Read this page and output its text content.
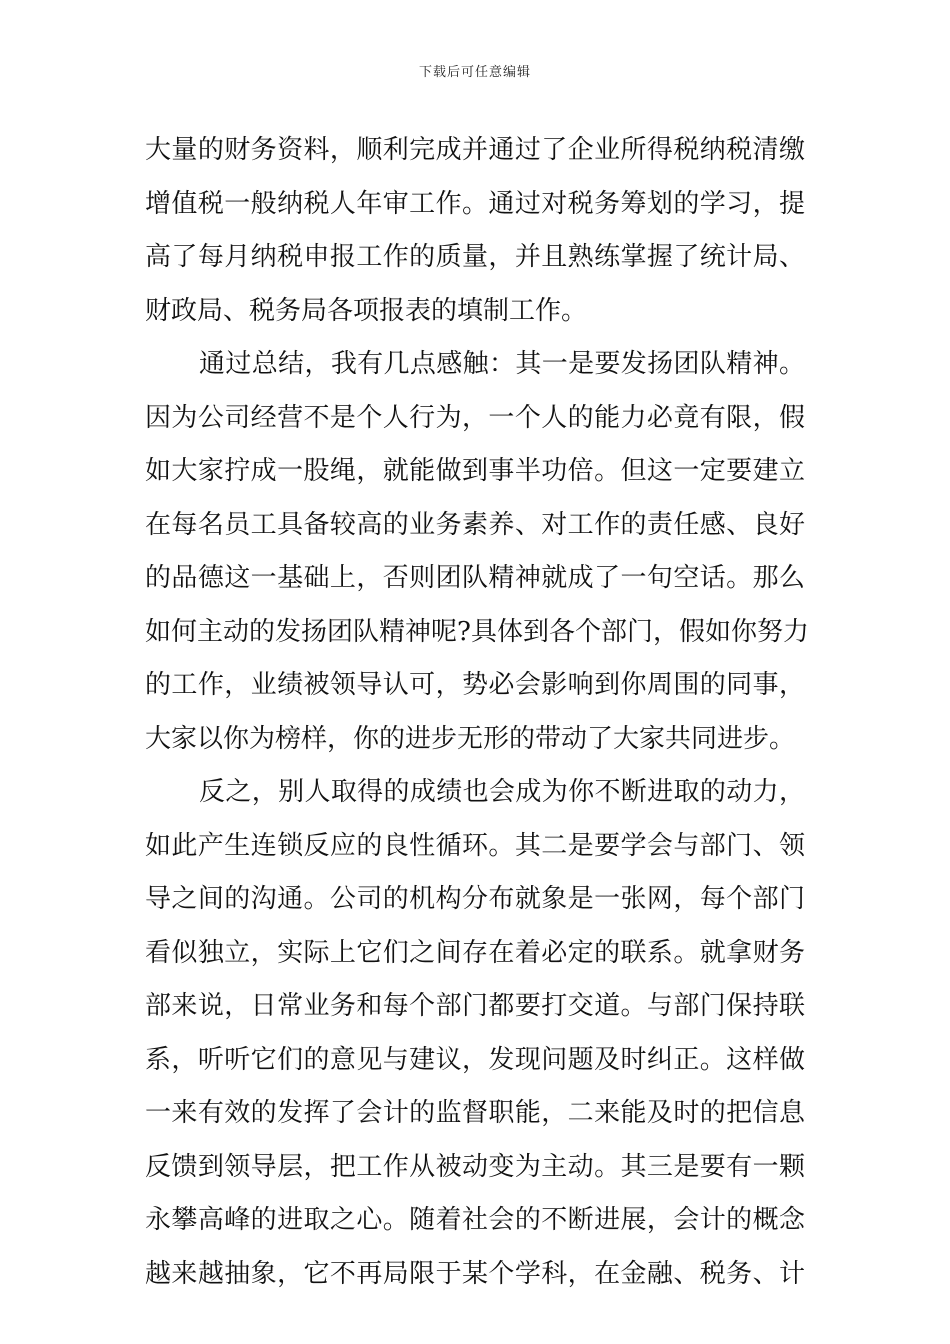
下载后可任意编辑
大量的财务资料，顺利完成并通过了企业所得税纳税清缴
增值税一般纳税人年审工作。通过对税务筹划的学习，提
高了每月纳税申报工作的质量，并且熟练掌握了统计局、
财政局、税务局各项报表的填制工作。
通过总结，我有几点感触：其一是要发扬团队精神。
因为公司经营不是个人行为，一个人的能力必竟有限，假
如大家拧成一股绳，就能做到事半功倍。但这一定要建立
在每名员工具备较高的业务素养、对工作的责任感、良好
的品德这一基础上，否则团队精神就成了一句空话。那么
如何主动的发扬团队精神呢?具体到各个部门，假如你努力
的工作，业绩被领导认可，势必会影响到你周围的同事，
大家以你为榜样，你的进步无形的带动了大家共同进步。
反之，别人取得的成绩也会成为你不断进取的动力，
如此产生连锁反应的良性循环。其二是要学会与部门、领
导之间的沟通。公司的机构分布就象是一张网，每个部门
看似独立，实际上它们之间存在着必定的联系。就拿财务
部来说，日常业务和每个部门都要打交道。与部门保持联
系，听听它们的意见与建议，发现问题及时纠正。这样做
一来有效的发挥了会计的监督职能，二来能及时的把信息
反馈到领导层，把工作从被动变为主动。其三是要有一颗
永攀高峰的进取之心。随着社会的不断进展，会计的概念
越来越抽象，它不再局限于某个学科，在金融、税务、计
